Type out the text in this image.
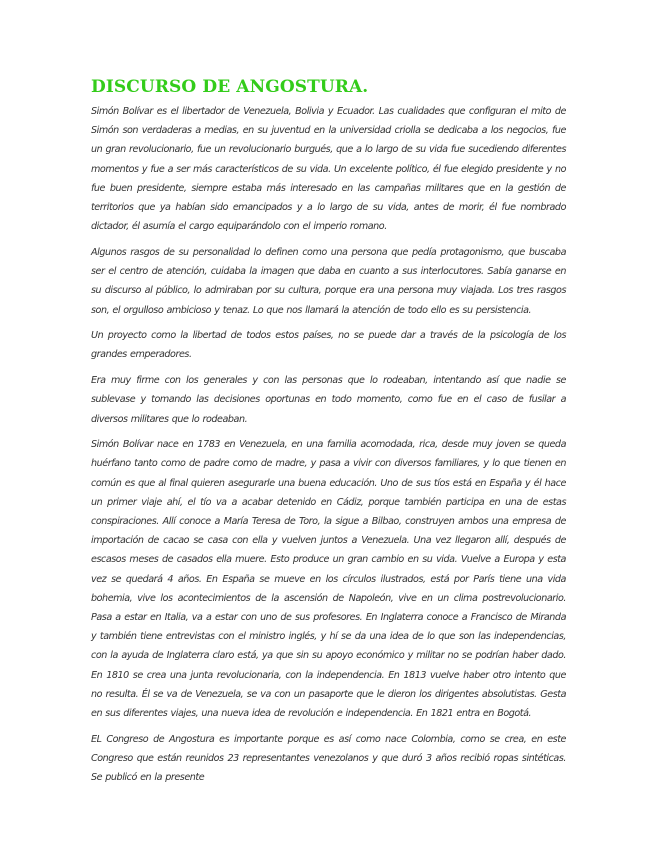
DISCURSO DE ANGOSTURA.

Simón Bolívar es el libertador de Venezuela, Bolivia y Ecuador. Las cualidades que configuran el mito de Simón son verdaderas a medias, en su juventud en la universidad criolla se dedicaba a los negocios, fue un gran revolucionario, fue un revolucionario burgués, que a lo largo de su vida fue sucediendo diferentes momentos y fue a ser más característicos de su vida. Un excelente político, él fue elegido presidente y no fue buen presidente, siempre estaba más interesado en las campañas militares que en la gestión de territorios que ya habían sido emancipados y a lo largo de su vida, antes de morir, él fue nombrado dictador, él asumía el cargo equiparándolo con el imperio romano.

Algunos rasgos de su personalidad lo definen como una persona que pedía protagonismo, que buscaba ser el centro de atención, cuidaba la imagen que daba en cuanto a sus interlocutores. Sabía ganarse en su discurso al público, lo admiraban por su cultura, porque era una persona muy viajada. Los tres rasgos son, el orgulloso ambicioso y tenaz. Lo que nos llamará la atención de todo ello es su persistencia.

Un proyecto como la libertad de todos estos países, no se puede dar a través de la psicología de los grandes emperadores.

Era muy firme con los generales y con las personas que lo rodeaban, intentando así que nadie se sublevase y tomando las decisiones oportunas en todo momento, como fue en el caso de fusilar a diversos militares que lo rodeaban.

Simón Bolívar nace en 1783 en Venezuela, en una familia acomodada, rica, desde muy joven se queda huérfano tanto como de padre como de madre, y pasa a vivir con diversos familiares, y lo que tienen en común es que al final quieren asegurarle una buena educación. Uno de sus tíos está en España y él hace un primer viaje ahí, el tío va a acabar detenido en Cádiz, porque también participa en una de estas conspiraciones. Allí conoce a María Teresa de Toro, la sigue a Bilbao, construyen ambos una empresa de importación de cacao se casa con ella y vuelven juntos a Venezuela. Una vez llegaron allí, después de escasos meses de casados ella muere. Esto produce un gran cambio en su vida. Vuelve a Europa y esta vez se quedará 4 años. En España se mueve en los círculos ilustrados, está por París tiene una vida bohemia, vive los acontecimientos de la ascensión de Napoleón, vive en un clima postrevolucionario. Pasa a estar en Italia, va a estar con uno de sus profesores. En Inglaterra conoce a Francisco de Miranda y también tiene entrevistas con el ministro inglés, y hí se da una idea de lo que son las independencias, con la ayuda de Inglaterra claro está, ya que sin su apoyo económico y militar no se podrían haber dado. En 1810 se crea una junta revolucionaria, con la independencia. En 1813 vuelve haber otro intento que no resulta. Él se va de Venezuela, se va con un pasaporte que le dieron los dirigentes absolutistas. Gesta en sus diferentes viajes, una nueva idea de revolución e independencia. En 1821 entra en Bogotá.

EL Congreso de Angostura es importante porque es así como nace Colombia, como se crea, en este Congreso que están reunidos 23 representantes venezolanos y que duró 3 años recibió ropas sintéticas. Se publicó en la presente
